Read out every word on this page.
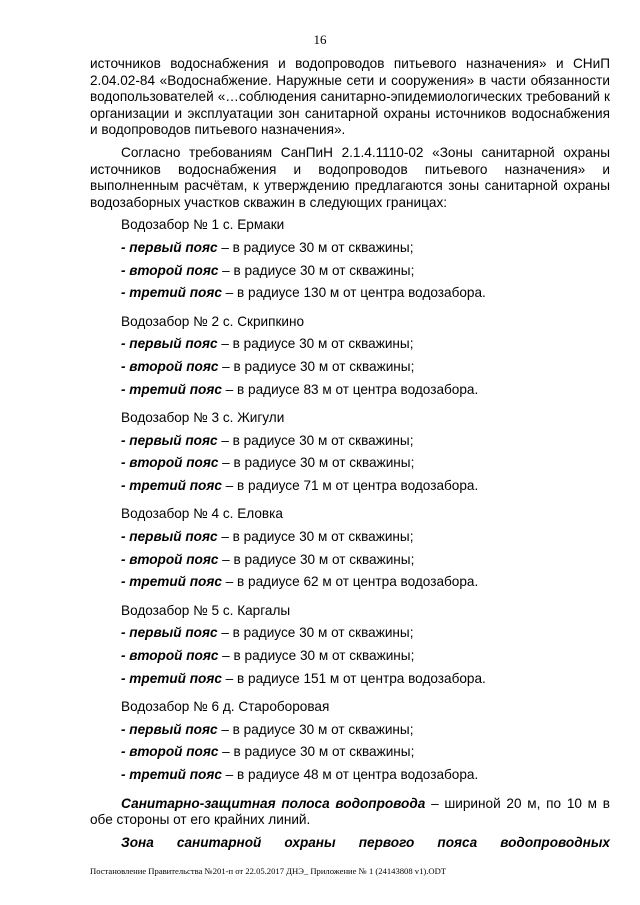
16

источников водоснабжения и водопроводов питьевого назначения» и СНиП 2.04.02-84 «Водоснабжение. Наружные сети и сооружения» в части обязанности водопользователей «…соблюдения санитарно-эпидемиологических требований к организации и эксплуатации зон санитарной охраны источников водоснабжения и водопроводов питьевого назначения».

Согласно требованиям СанПиН 2.1.4.1110-02 «Зоны санитарной охраны источников водоснабжения и водопроводов питьевого назначения» и выполненным расчётам, к утверждению предлагаются зоны санитарной охраны водозаборных участков скважин в следующих границах:

Водозабор № 1 с. Ермаки

- первый пояс – в радиусе 30 м от скважины;
- второй пояс – в радиусе 30 м от скважины;
- третий пояс – в радиусе 130 м от центра водозабора.

Водозабор № 2 с. Скрипкино

- первый пояс – в радиусе 30 м от скважины;
- второй пояс – в радиусе 30 м от скважины;
- третий пояс – в радиусе 83 м от центра водозабора.

Водозабор № 3 с. Жигули

- первый пояс – в радиусе 30 м от скважины;
- второй пояс – в радиусе 30 м от скважины;
- третий пояс – в радиусе 71 м от центра водозабора.

Водозабор № 4 с. Еловка

- первый пояс – в радиусе 30 м от скважины;
- второй пояс – в радиусе 30 м от скважины;
- третий пояс – в радиусе 62 м от центра водозабора.

Водозабор № 5 с. Каргалы

- первый пояс – в радиусе 30 м от скважины;
- второй пояс – в радиусе 30 м от скважины;
- третий пояс – в радиусе 151 м от центра водозабора.

Водозабор № 6 д. Староборовая

- первый пояс – в радиусе 30 м от скважины;
- второй пояс – в радиусе 30 м от скважины;
- третий пояс – в радиусе 48 м от центра водозабора.

Санитарно-защитная полоса водопровода – шириной 20 м, по 10 м в обе стороны от его крайних линий.

Зона санитарной охраны первого пояса водопроводных

Постановление Правительства №201-п от 22.05.2017 ДНЭ_ Приложение № 1 (24143808 v1).ODT
